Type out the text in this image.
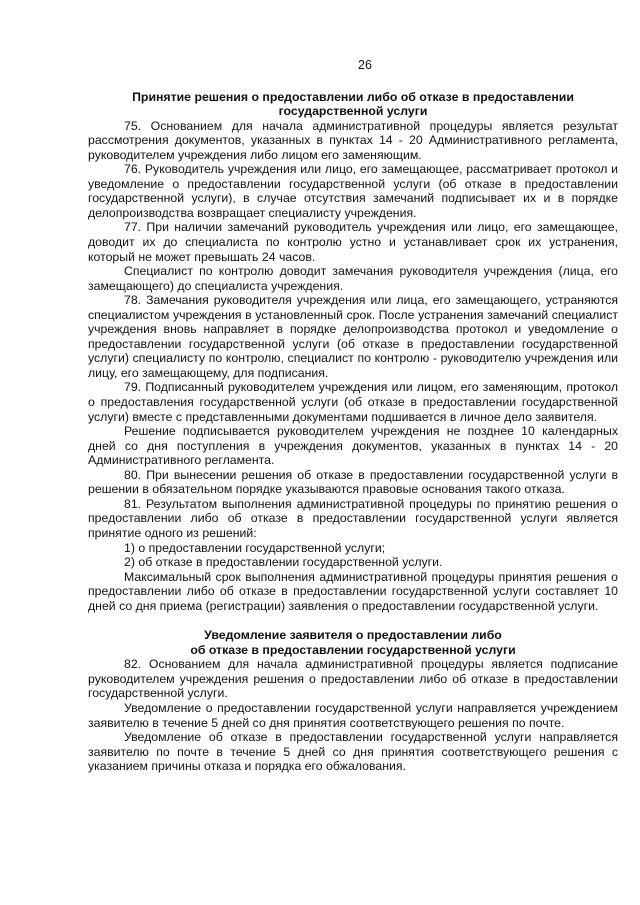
26
Принятие решения о предоставлении либо об отказе в предоставлении
государственной услуги

75. Основанием для начала административной процедуры является результат рассмотрения документов, указанных в пунктах 14 - 20 Административного регламента, руководителем учреждения либо лицом его заменяющим.

76. Руководитель учреждения или лицо, его замещающее, рассматривает протокол и уведомление о предоставлении государственной услуги (об отказе в предоставлении государственной услуги), в случае отсутствия замечаний подписывает их и в порядке делопроизводства возвращает специалисту учреждения.

77. При наличии замечаний руководитель учреждения или лицо, его замещающее, доводит их до специалиста по контролю устно и устанавливает срок их устранения, который не может превышать 24 часов.

Специалист по контролю доводит замечания руководителя учреждения (лица, его замещающего) до специалиста учреждения.

78. Замечания руководителя учреждения или лица, его замещающего, устраняются специалистом учреждения в установленный срок. После устранения замечаний специалист учреждения вновь направляет в порядке делопроизводства протокол и уведомление о предоставлении государственной услуги (об отказе в предоставлении государственной услуги) специалисту по контролю, специалист по контролю - руководителю учреждения или лицу, его замещающему, для подписания.

79. Подписанный руководителем учреждения или лицом, его заменяющим, протокол о предоставления государственной услуги (об отказе в предоставлении государственной услуги) вместе с представленными документами подшивается в личное дело заявителя.

Решение подписывается руководителем учреждения не позднее 10 календарных дней со дня поступления в учреждения документов, указанных в пунктах 14 - 20 Административного регламента.

80. При вынесении решения об отказе в предоставлении государственной услуги в решении в обязательном порядке указываются правовые основания такого отказа.

81. Результатом выполнения административной процедуры по принятию решения о предоставлении либо об отказе в предоставлении государственной услуги является принятие одного из решений:

1) о предоставлении государственной услуги;

2) об отказе в предоставлении государственной услуги.

Максимальный срок выполнения административной процедуры принятия решения о предоставлении либо об отказе в предоставлении государственной услуги составляет 10 дней со дня приема (регистрации) заявления о предоставлении государственной услуги.

Уведомление заявителя о предоставлении либо
об отказе в предоставлении государственной услуги

82. Основанием для начала административной процедуры является подписание руководителем учреждения решения о предоставлении либо об отказе в предоставлении государственной услуги.

Уведомление о предоставлении государственной услуги направляется учреждением заявителю в течение 5 дней со дня принятия соответствующего решения по почте.

Уведомление об отказе в предоставлении государственной услуги направляется заявителю по почте в течение 5 дней со дня принятия соответствующего решения с указанием причины отказа и порядка его обжалования.
